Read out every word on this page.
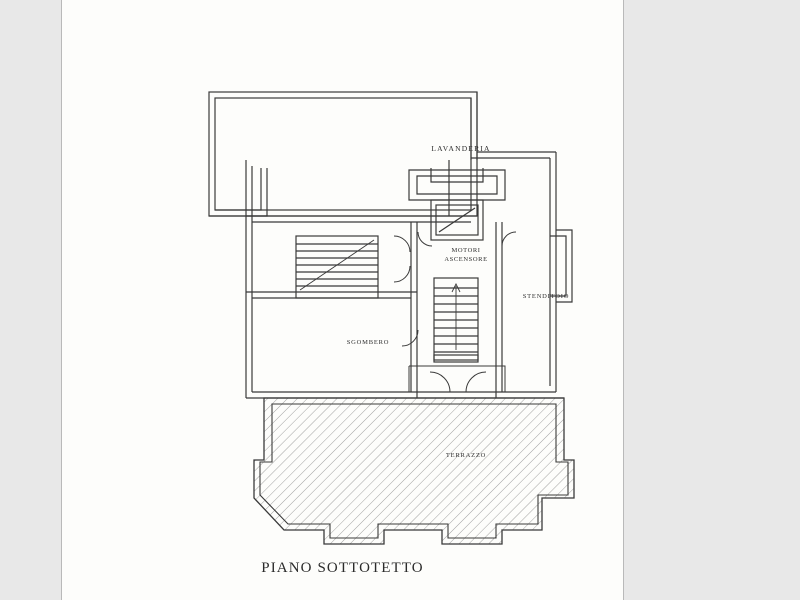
LAVANDERIA
MOTORI
ASCENSORE
STENDITOIO
SGOMBERO
TERRAZZO
PIANO SOTTOTETTO
